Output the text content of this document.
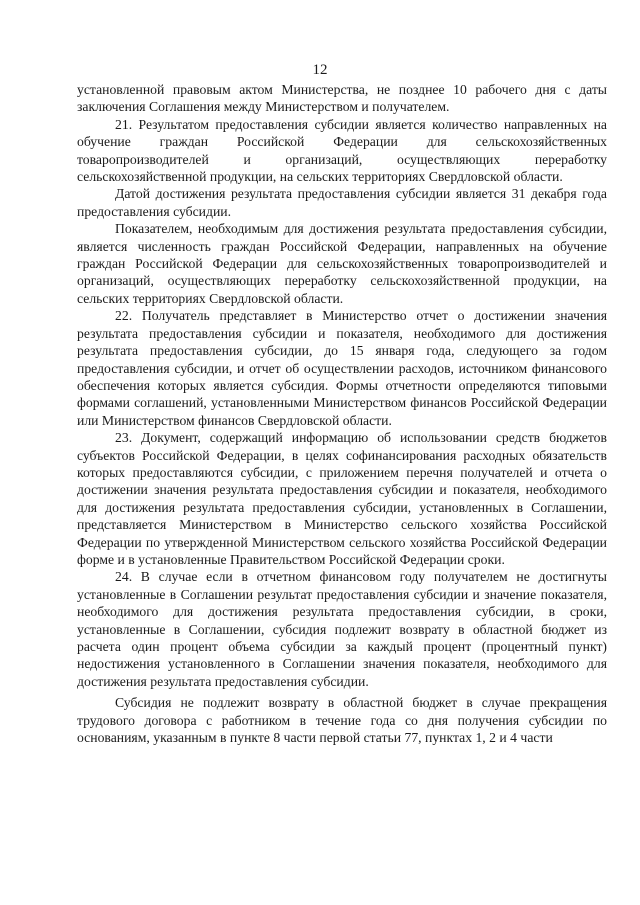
12

установленной правовым актом Министерства, не позднее 10 рабочего дня с даты заключения Соглашения между Министерством и получателем.

21. Результатом предоставления субсидии является количество направленных на обучение граждан Российской Федерации для сельскохозяйственных товаропроизводителей и организаций, осуществляющих переработку сельскохозяйственной продукции, на сельских территориях Свердловской области.

Датой достижения результата предоставления субсидии является 31 декабря года предоставления субсидии.

Показателем, необходимым для достижения результата предоставления субсидии, является численность граждан Российской Федерации, направленных на обучение граждан Российской Федерации для сельскохозяйственных товаропроизводителей и организаций, осуществляющих переработку сельскохозяйственной продукции, на сельских территориях Свердловской области.

22. Получатель представляет в Министерство отчет о достижении значения результата предоставления субсидии и показателя, необходимого для достижения результата предоставления субсидии, до 15 января года, следующего за годом предоставления субсидии, и отчет об осуществлении расходов, источником финансового обеспечения которых является субсидия. Формы отчетности определяются типовыми формами соглашений, установленными Министерством финансов Российской Федерации или Министерством финансов Свердловской области.

23. Документ, содержащий информацию об использовании средств бюджетов субъектов Российской Федерации, в целях софинансирования расходных обязательств которых предоставляются субсидии, с приложением перечня получателей и отчета о достижении значения результата предоставления субсидии и показателя, необходимого для достижения результата предоставления субсидии, установленных в Соглашении, представляется Министерством в Министерство сельского хозяйства Российской Федерации по утвержденной Министерством сельского хозяйства Российской Федерации форме и в установленные Правительством Российской Федерации сроки.

24. В случае если в отчетном финансовом году получателем не достигнуты установленные в Соглашении результат предоставления субсидии и значение показателя, необходимого для достижения результата предоставления субсидии, в сроки, установленные в Соглашении, субсидия подлежит возврату в областной бюджет из расчета один процент объема субсидии за каждый процент (процентный пункт) недостижения установленного в Соглашении значения показателя, необходимого для достижения результата предоставления субсидии.

Субсидия не подлежит возврату в областной бюджет в случае прекращения трудового договора с работником в течение года со дня получения субсидии по основаниям, указанным в пункте 8 части первой статьи 77, пунктах 1, 2 и 4 части
